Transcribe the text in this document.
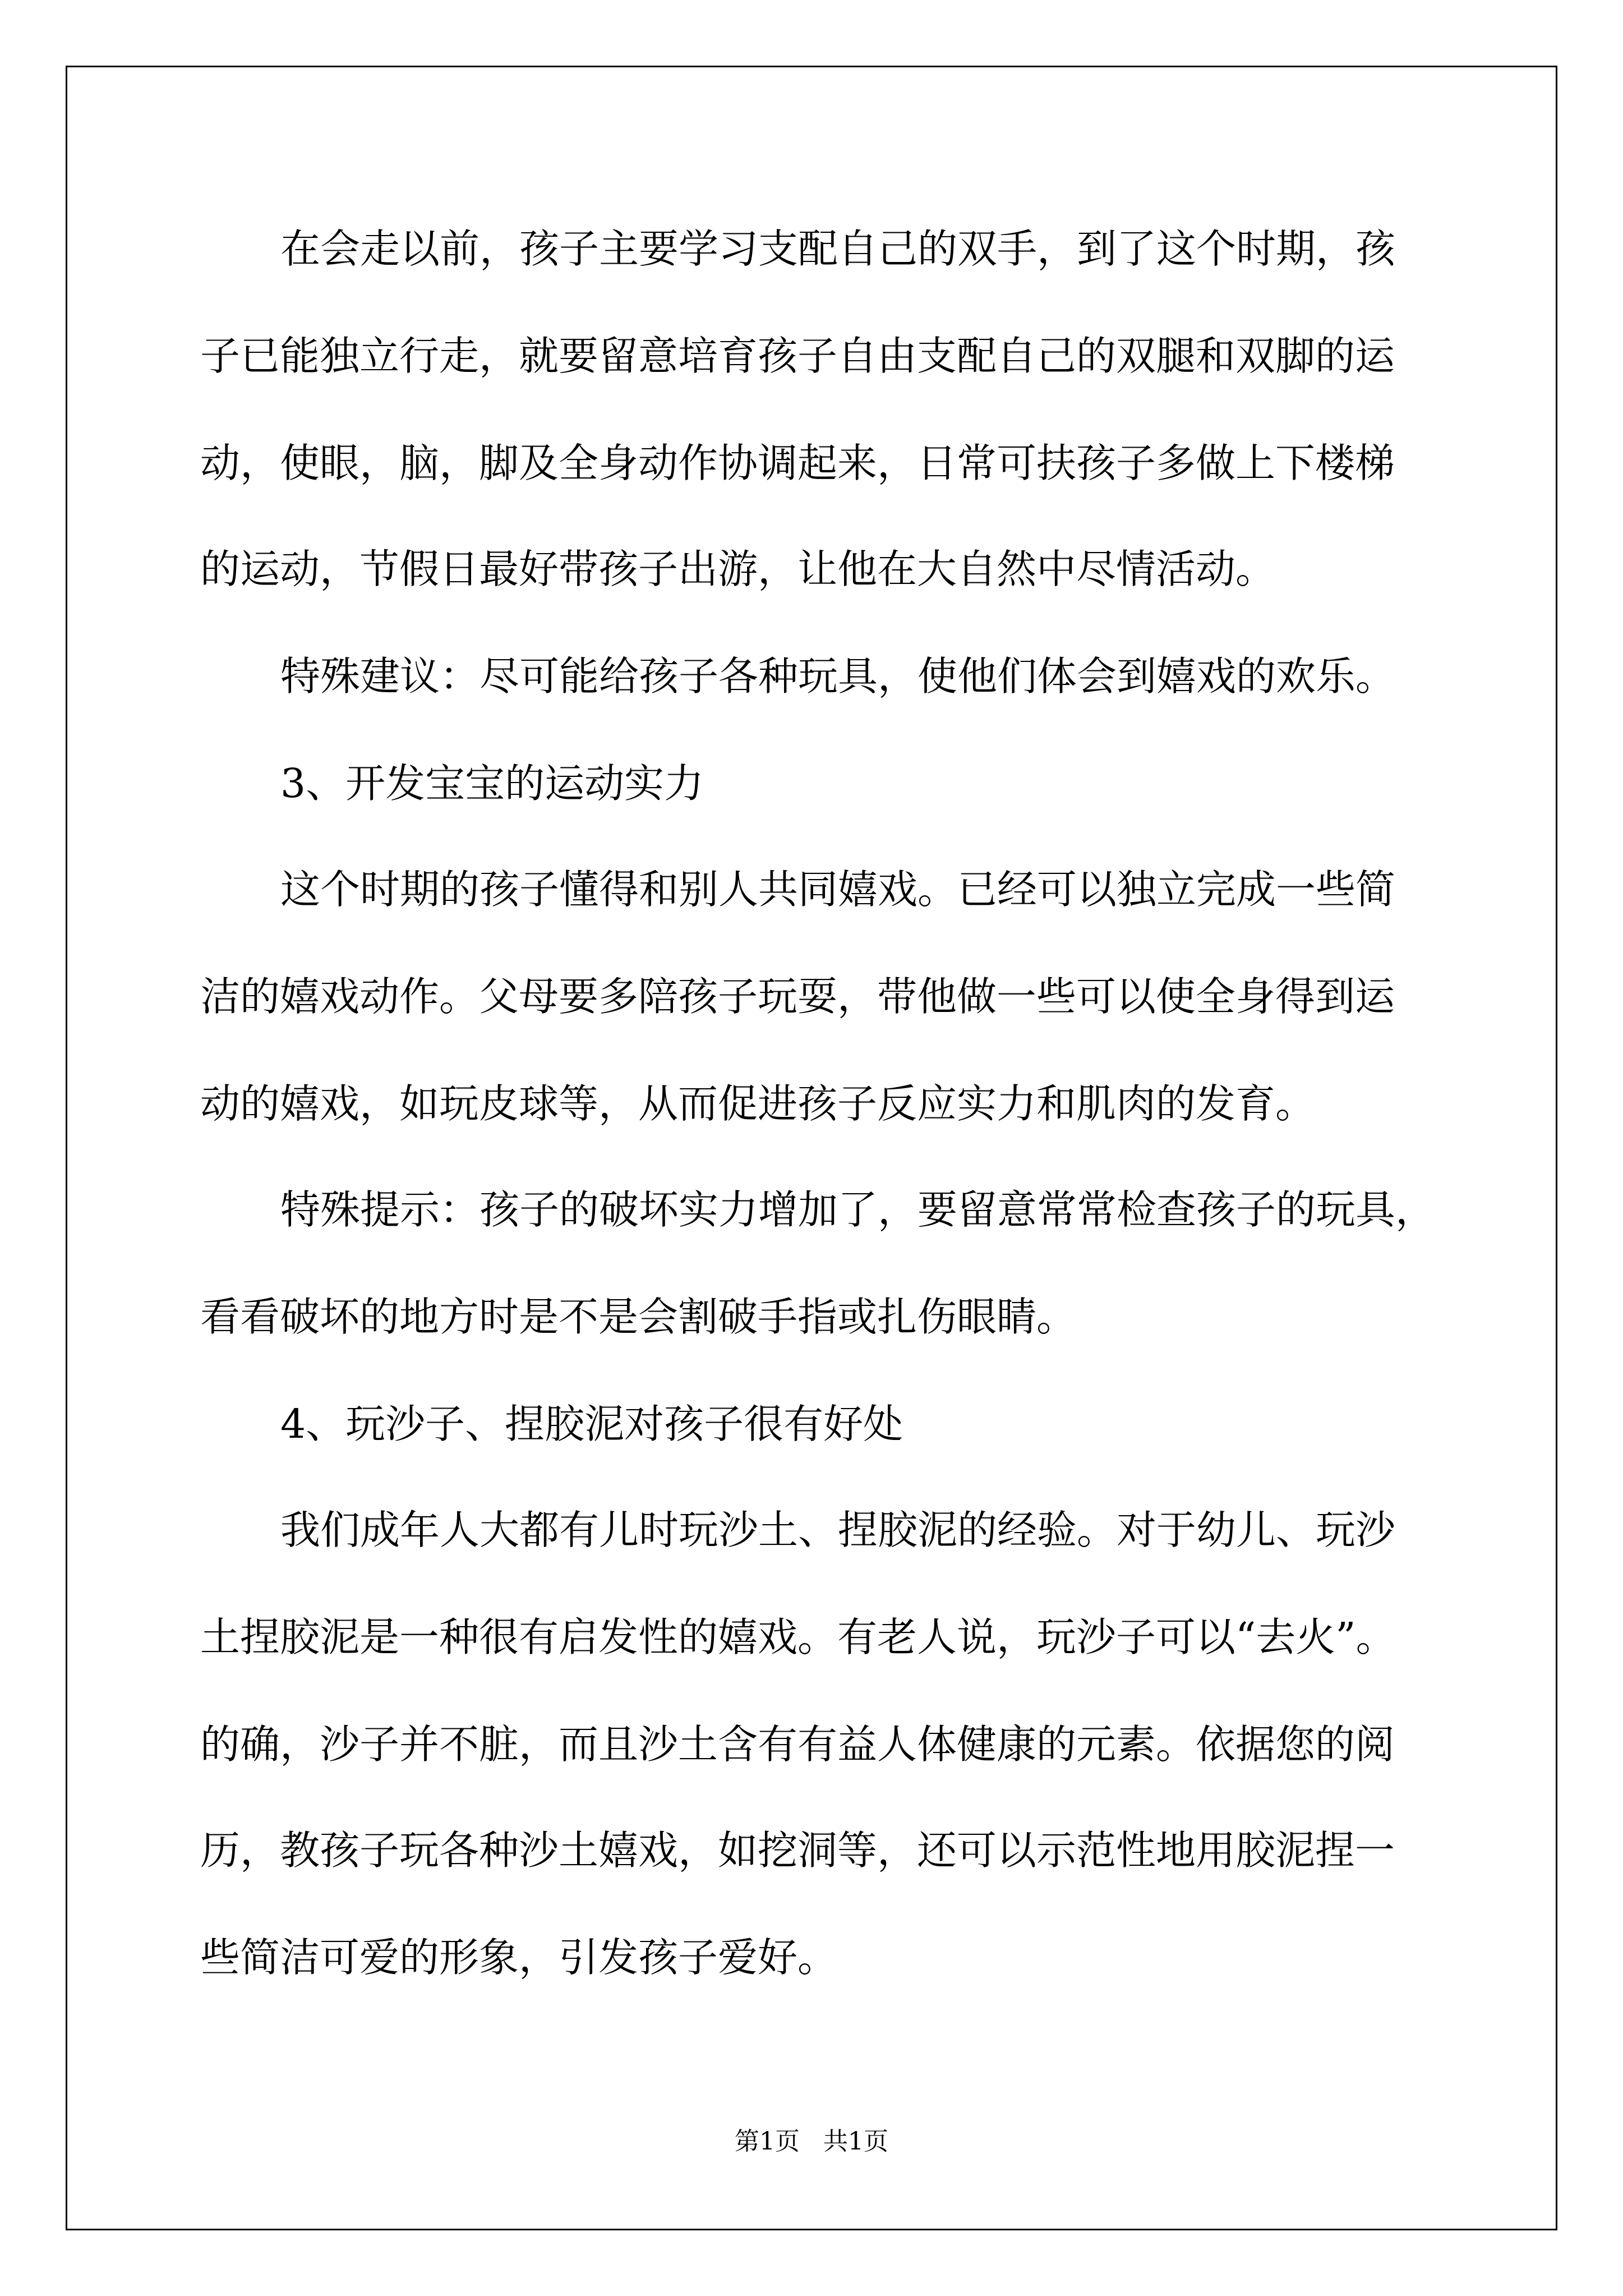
在会走以前，孩子主要学习支配自己的双手，到了这个时期，孩

子已能独立行走，就要留意培育孩子自由支配自己的双腿和双脚的运

动，使眼，脑，脚及全身动作协调起来，日常可扶孩子多做上下楼梯

的运动，节假日最好带孩子出游，让他在大自然中尽情活动。

特殊建议：尽可能给孩子各种玩具，使他们体会到嬉戏的欢乐。

3、开发宝宝的运动实力

这个时期的孩子懂得和别人共同嬉戏。已经可以独立完成一些简

洁的嬉戏动作。父母要多陪孩子玩耍，带他做一些可以使全身得到运

动的嬉戏，如玩皮球等，从而促进孩子反应实力和肌肉的发育。

特殊提示：孩子的破坏实力增加了，要留意常常检查孩子的玩具，

看看破坏的地方时是不是会割破手指或扎伤眼睛。

4、玩沙子、捏胶泥对孩子很有好处

我们成年人大都有儿时玩沙土、捏胶泥的经验。对于幼儿、玩沙

土捏胶泥是一种很有启发性的嬉戏。有老人说，玩沙子可以“去火”。

的确，沙子并不脏，而且沙土含有有益人体健康的元素。依据您的阅

历，教孩子玩各种沙土嬉戏，如挖洞等，还可以示范性地用胶泥捏一

些简洁可爱的形象，引发孩子爱好。

第1页   共1页
